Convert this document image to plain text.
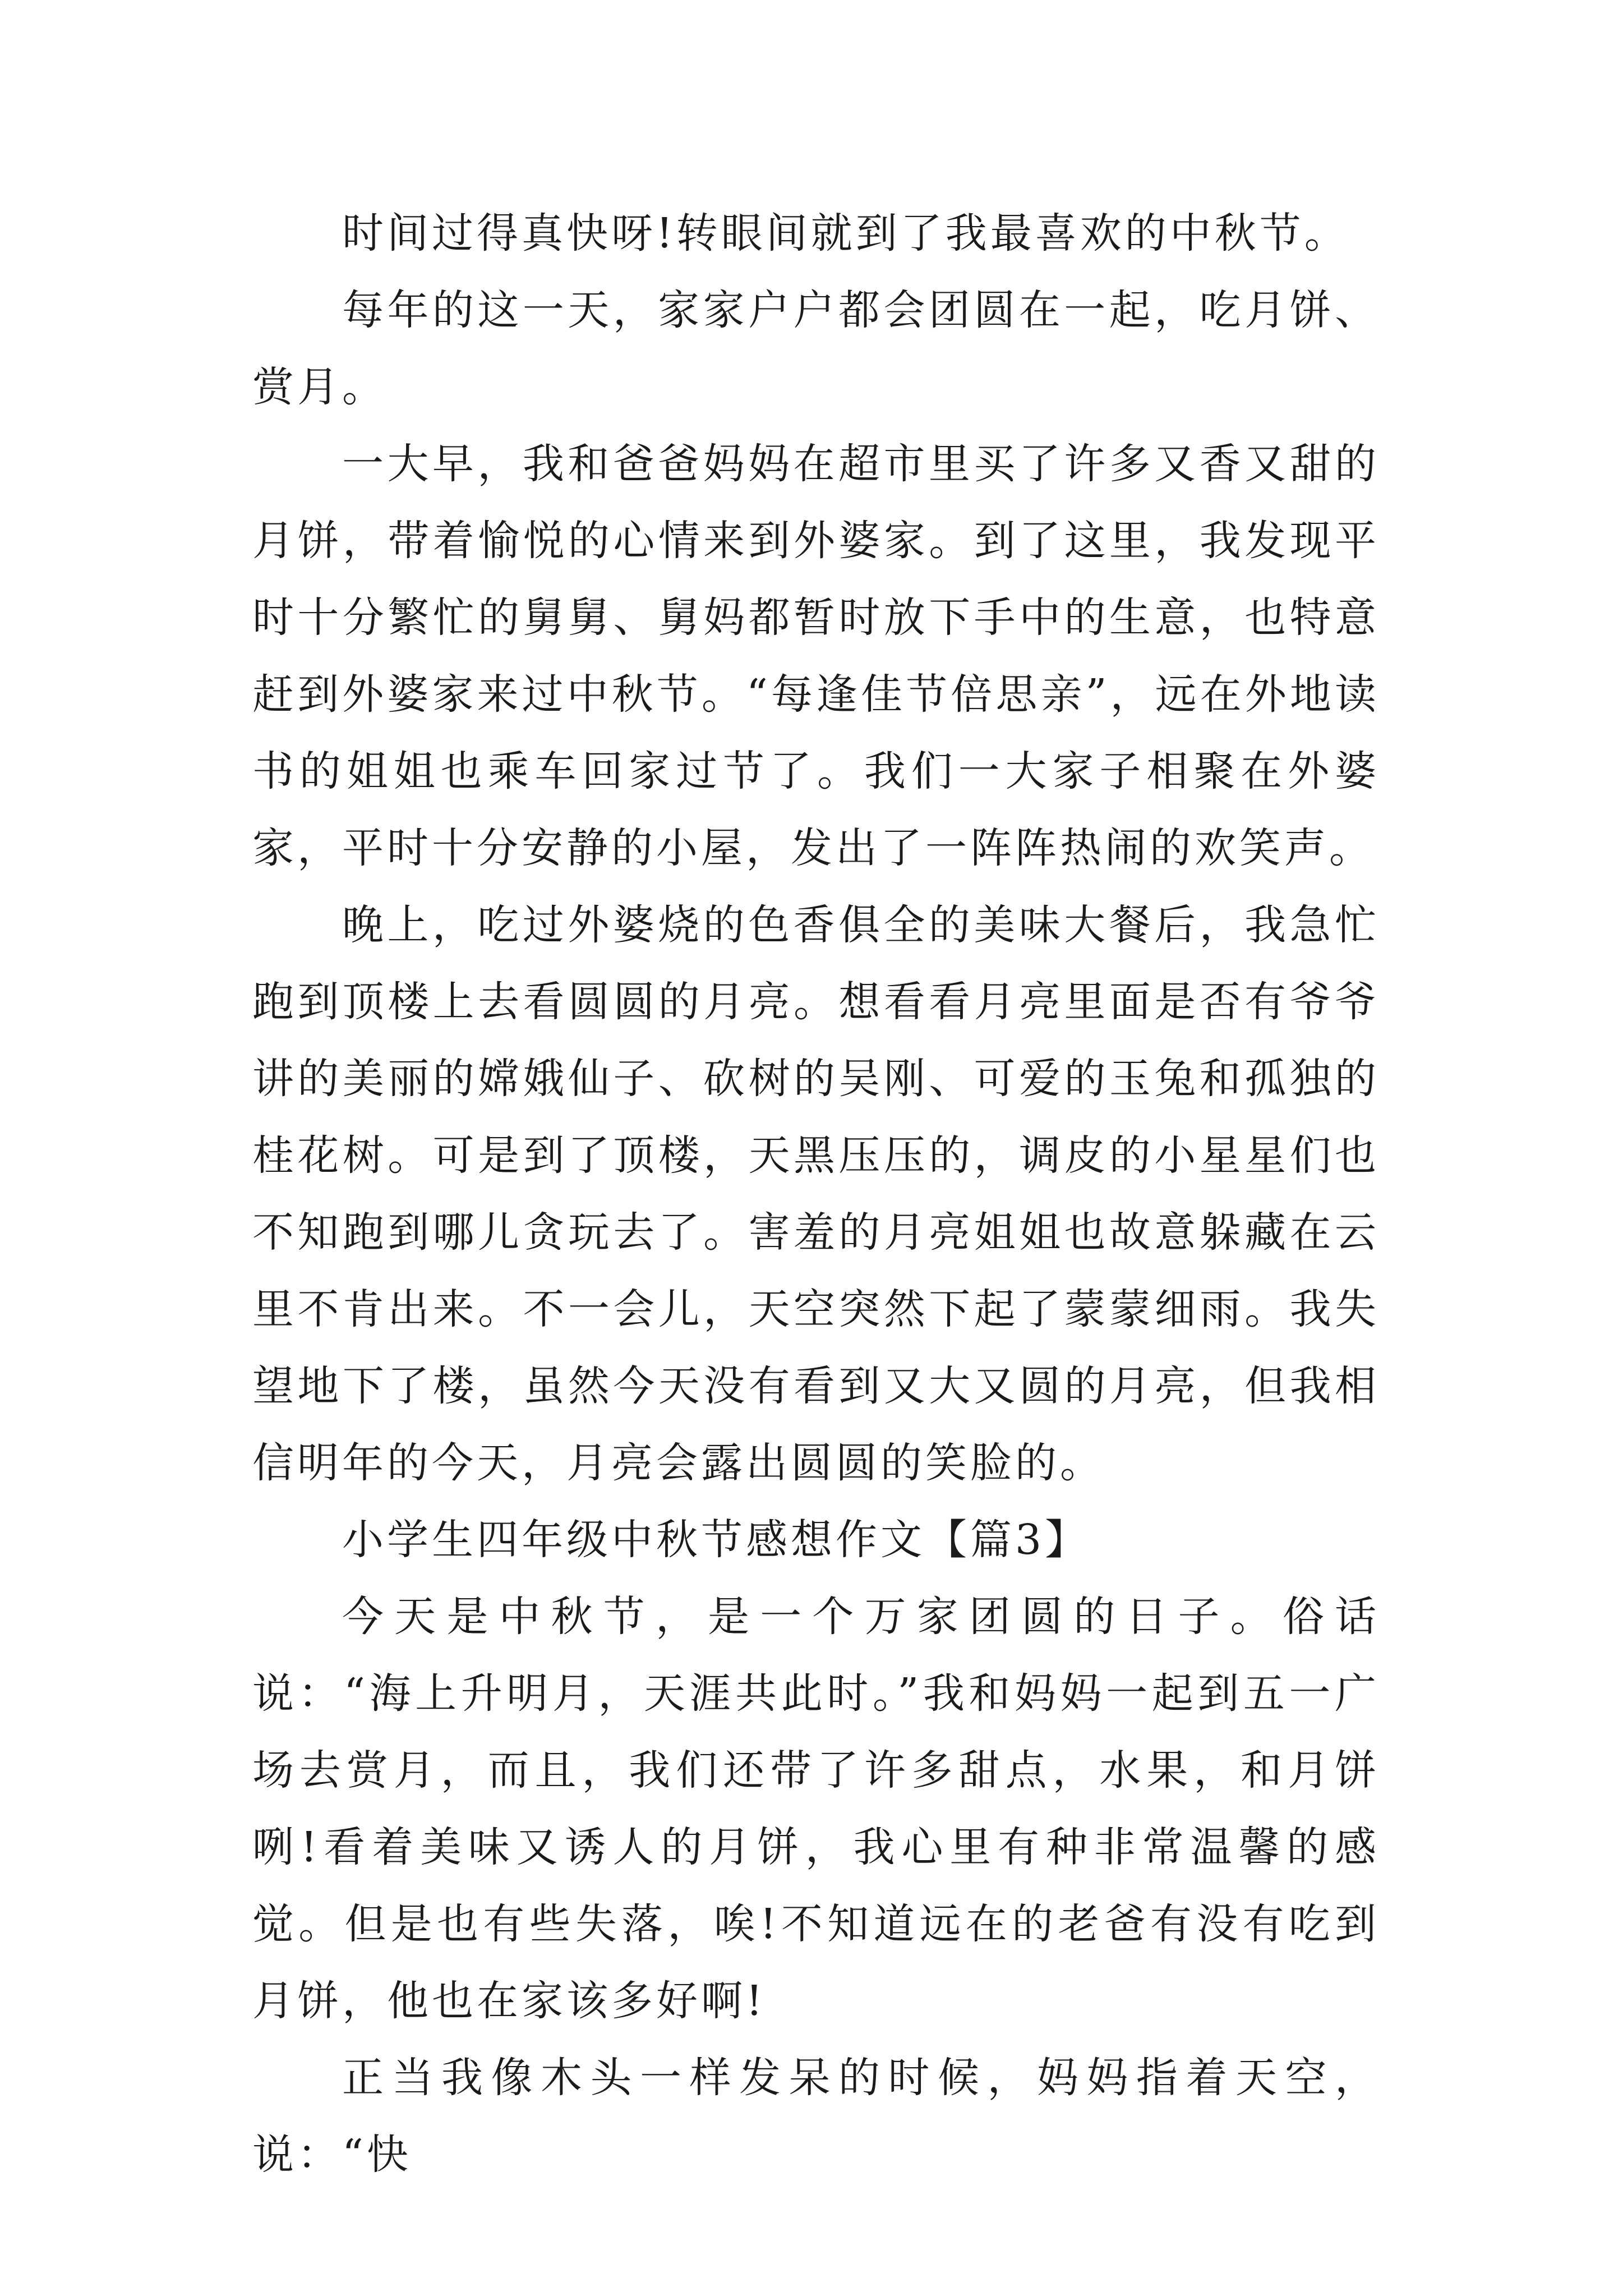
时间过得真快呀!转眼间就到了我最喜欢的中秋节。

每年的这一天，家家户户都会团圆在一起，吃月饼、赏月。

一大早，我和爸爸妈妈在超市里买了许多又香又甜的月饼，带着愉悦的心情来到外婆家。到了这里，我发现平时十分繁忙的舅舅、舅妈都暂时放下手中的生意，也特意赶到外婆家来过中秋节。“每逢佳节倍思亲”，远在外地读书的姐姐也乘车回家过节了。我们一大家子相聚在外婆家，平时十分安静的小屋，发出了一阵阵热闹的欢笑声。

晚上，吃过外婆烧的色香俱全的美味大餐后，我急忙跑到顶楼上去看圆圆的月亮。想看看月亮里面是否有爷爷讲的美丽的嫦娥仙子、砍树的吴刚、可爱的玉兔和孤独的桂花树。可是到了顶楼，天黑压压的，调皮的小星星们也不知跑到哪儿贪玩去了。害羞的月亮姐姐也故意躲藏在云里不肯出来。不一会儿，天空突然下起了蒙蒙细雨。我失望地下了楼，虽然今天没有看到又大又圆的月亮，但我相信明年的今天，月亮会露出圆圆的笑脸的。

小学生四年级中秋节感想作文【篇3】

今天是中秋节，是一个万家团圆的日子。俗话说：“海上升明月，天涯共此时。”我和妈妈一起到五一广场去赏月，而且，我们还带了许多甜点，水果，和月饼咧!看着美味又诱人的月饼，我心里有种非常温馨的感觉。但是也有些失落，唉!不知道远在的老爸有没有吃到月饼，他也在家该多好啊!

正当我像木头一样发呆的时候，妈妈指着天空，说：“快
